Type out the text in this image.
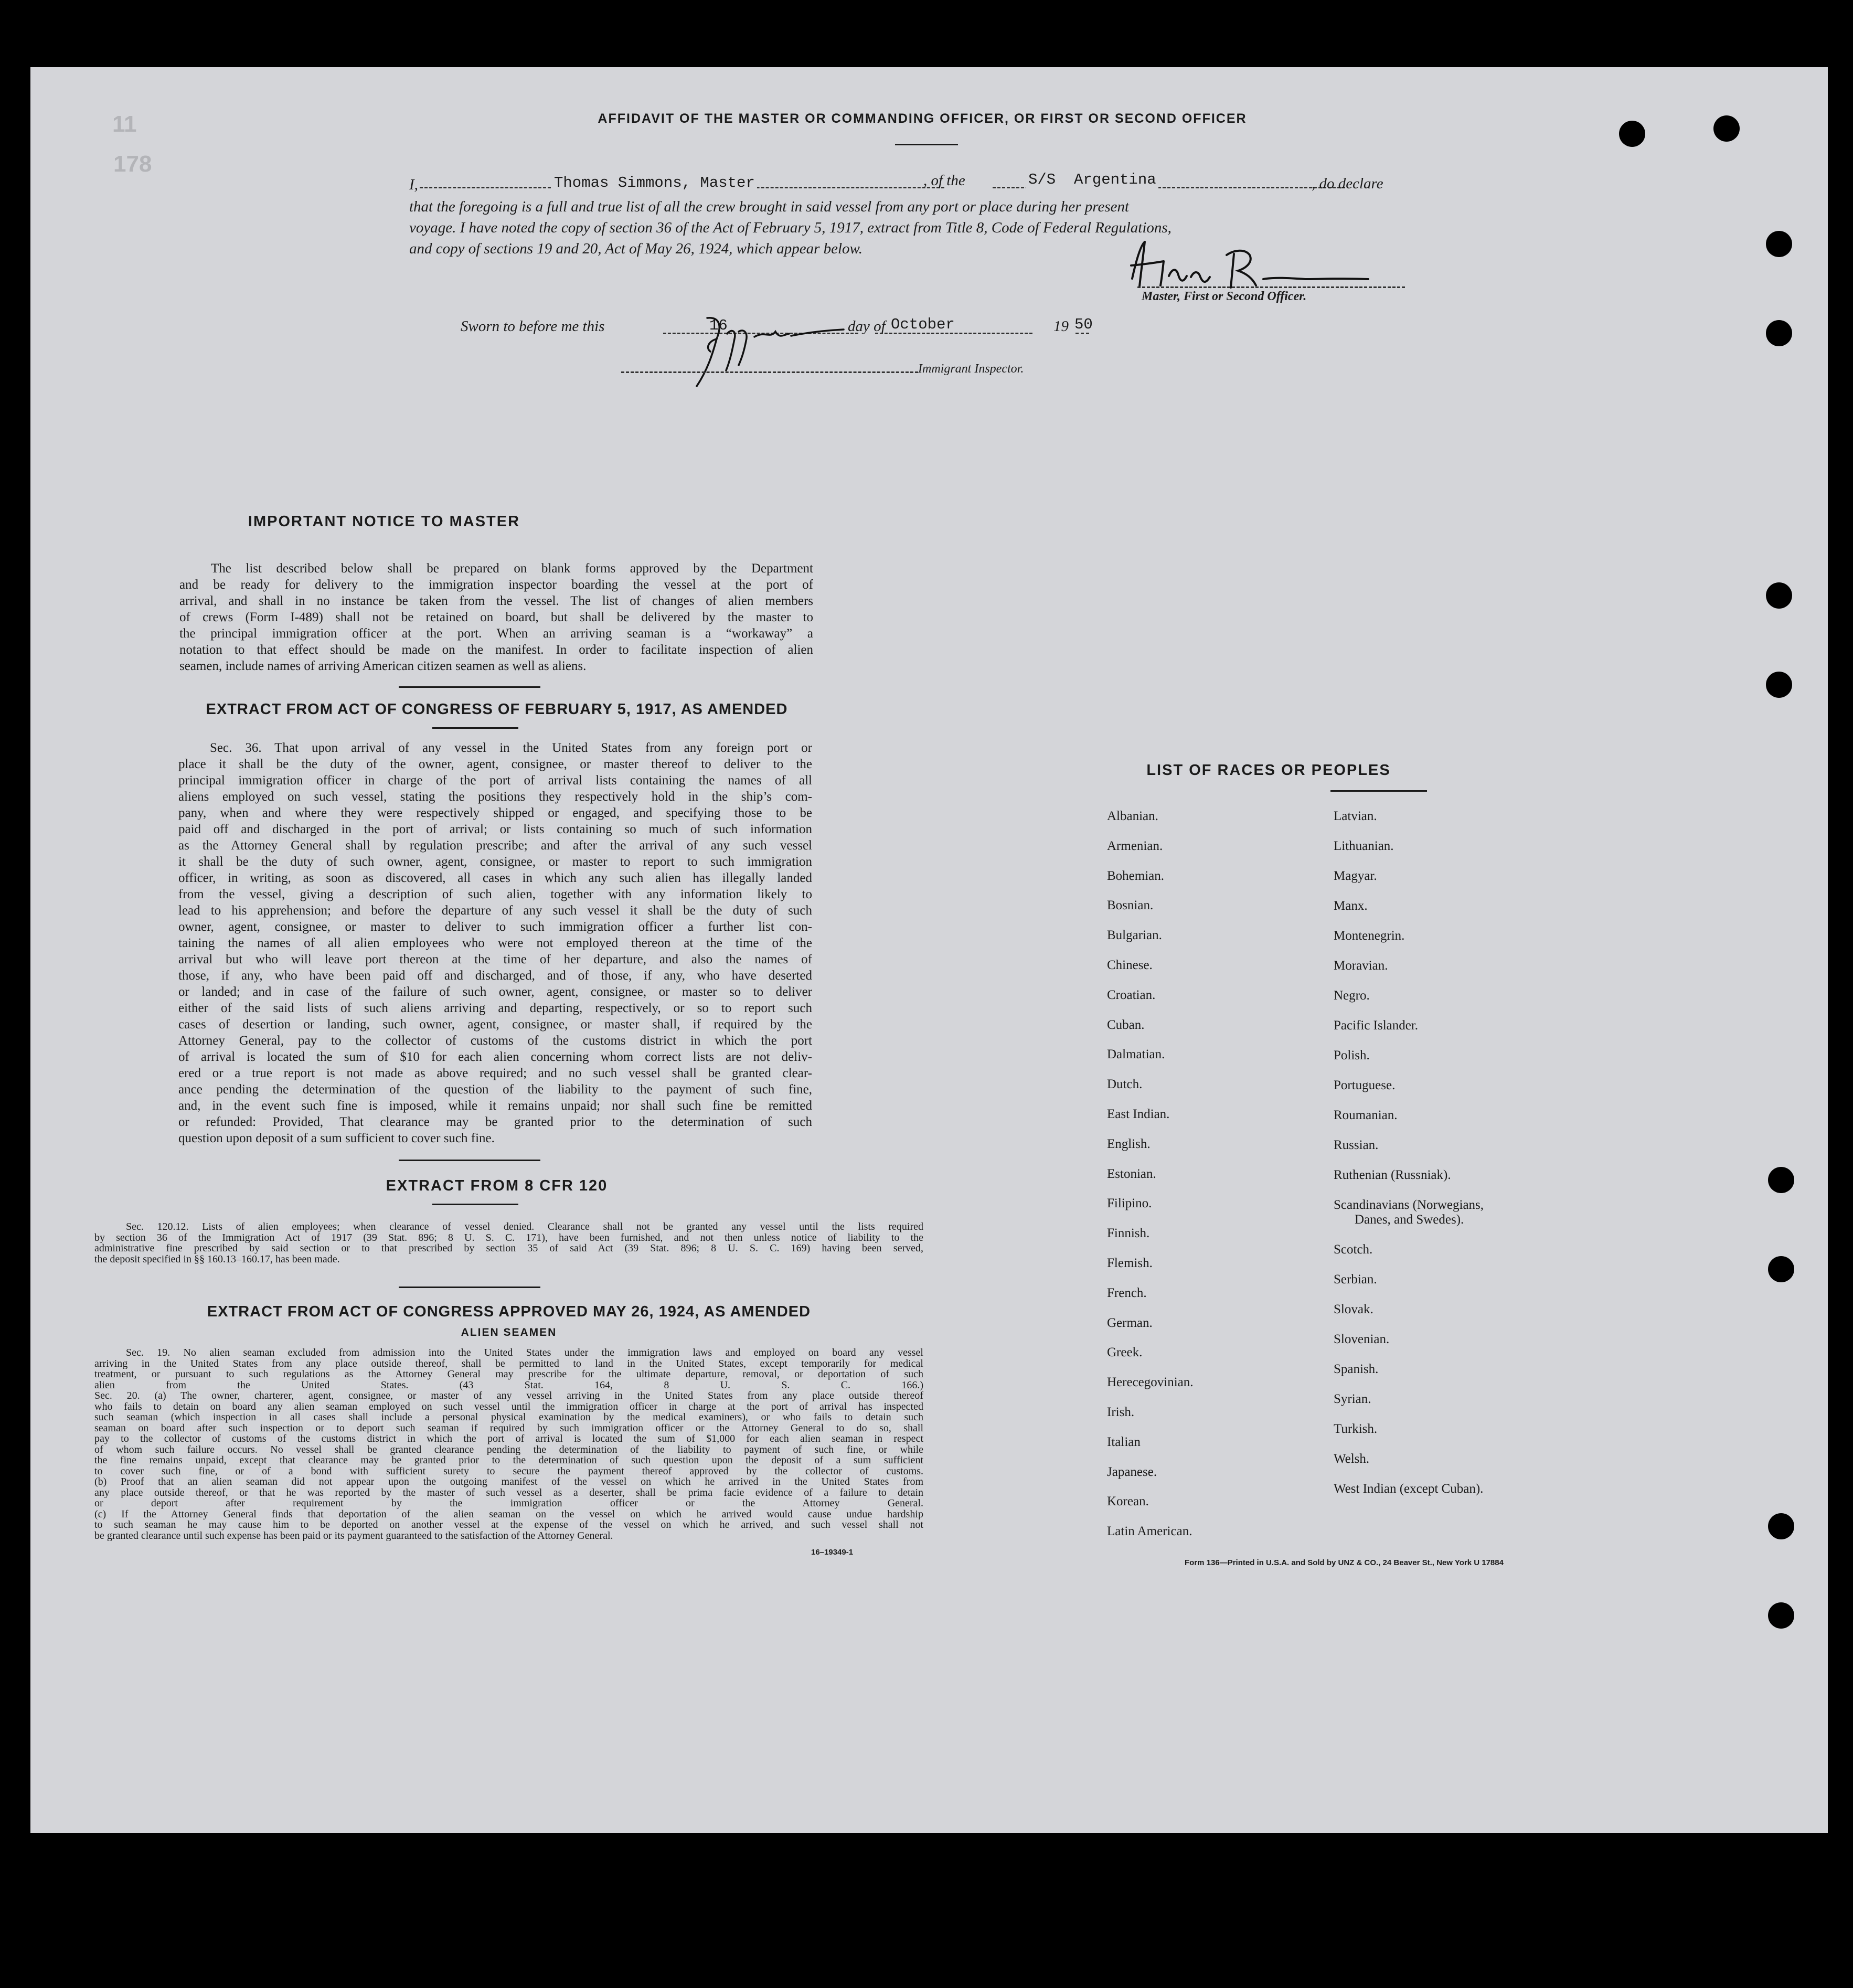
11
178
AFFIDAVIT OF THE MASTER OR COMMANDING OFFICER, OR FIRST OR SECOND OFFICER
I,	Thomas Simmons, Master	, of the	S/S  Argentina	, do declare
that the foregoing is a full and true list of all the crew brought in said vessel from any port or place during her present
voyage. I have noted the copy of section 36 of the Act of February 5, 1917, extract from Title 8, Code of Federal Regulations,
and copy of sections 19 and 20, Act of May 26, 1924, which appear below.
Master, First or Second Officer.
Sworn to before me this	16	day of October	19 50
Immigrant Inspector.
IMPORTANT NOTICE TO MASTER
The list described below shall be prepared on blank forms approved by the Department
and be ready for delivery to the immigration inspector boarding the vessel at the port of
arrival, and shall in no instance be taken from the vessel. The list of changes of alien members
of crews (Form I-489) shall not be retained on board, but shall be delivered by the master to
the principal immigration officer at the port. When an arriving seaman is a “workaway” a
notation to that effect should be made on the manifest. In order to facilitate inspection of alien
seamen, include names of arriving American citizen seamen as well as aliens.
EXTRACT FROM ACT OF CONGRESS OF FEBRUARY 5, 1917, AS AMENDED
Sec. 36. That upon arrival of any vessel in the United States from any foreign port or
place it shall be the duty of the owner, agent, consignee, or master thereof to deliver to the
principal immigration officer in charge of the port of arrival lists containing the names of all
aliens employed on such vessel, stating the positions they respectively hold in the ship’s com-
pany, when and where they were respectively shipped or engaged, and specifying those to be
paid off and discharged in the port of arrival; or lists containing so much of such information
as the Attorney General shall by regulation prescribe; and after the arrival of any such vessel
it shall be the duty of such owner, agent, consignee, or master to report to such immigration
officer, in writing, as soon as discovered, all cases in which any such alien has illegally landed
from the vessel, giving a description of such alien, together with any information likely to
lead to his apprehension; and before the departure of any such vessel it shall be the duty of such
owner, agent, consignee, or master to deliver to such immigration officer a further list con-
taining the names of all alien employees who were not employed thereon at the time of the
arrival but who will leave port thereon at the time of her departure, and also the names of
those, if any, who have been paid off and discharged, and of those, if any, who have deserted
or landed; and in case of the failure of such owner, agent, consignee, or master so to deliver
either of the said lists of such aliens arriving and departing, respectively, or so to report such
cases of desertion or landing, such owner, agent, consignee, or master shall, if required by the
Attorney General, pay to the collector of customs of the customs district in which the port
of arrival is located the sum of $10 for each alien concerning whom correct lists are not deliv-
ered or a true report is not made as above required; and no such vessel shall be granted clear-
ance pending the determination of the question of the liability to the payment of such fine,
and, in the event such fine is imposed, while it remains unpaid; nor shall such fine be remitted
or refunded: Provided, That clearance may be granted prior to the determination of such
question upon deposit of a sum sufficient to cover such fine.
EXTRACT FROM 8 CFR 120
Sec. 120.12. Lists of alien employees; when clearance of vessel denied. Clearance shall not be granted any vessel until the lists required
by section 36 of the Immigration Act of 1917 (39 Stat. 896; 8 U. S. C. 171), have been furnished, and not then unless notice of liability to the
administrative fine prescribed by said section or to that prescribed by section 35 of said Act (39 Stat. 896; 8 U. S. C. 169) having been served,
the deposit specified in §§ 160.13–160.17, has been made.
EXTRACT FROM ACT OF CONGRESS APPROVED MAY 26, 1924, AS AMENDED
ALIEN SEAMEN
Sec. 19. No alien seaman excluded from admission into the United States under the immigration laws and employed on board any vessel
arriving in the United States from any place outside thereof, shall be permitted to land in the United States, except temporarily for medical
treatment, or pursuant to such regulations as the Attorney General may prescribe for the ultimate departure, removal, or deportation of such
alien from the United States. (43 Stat. 164, 8 U. S. C. 166.)
Sec. 20. (a) The owner, charterer, agent, consignee, or master of any vessel arriving in the United States from any place outside thereof
who fails to detain on board any alien seaman employed on such vessel until the immigration officer in charge at the port of arrival has inspected
such seaman (which inspection in all cases shall include a personal physical examination by the medical examiners), or who fails to detain such
seaman on board after such inspection or to deport such seaman if required by such immigration officer or the Attorney General to do so, shall
pay to the collector of customs of the customs district in which the port of arrival is located the sum of $1,000 for each alien seaman in respect
of whom such failure occurs. No vessel shall be granted clearance pending the determination of the liability to payment of such fine, or while
the fine remains unpaid, except that clearance may be granted prior to the determination of such question upon the deposit of a sum sufficient
to cover such fine, or of a bond with sufficient surety to secure the payment thereof approved by the collector of customs.
(b) Proof that an alien seaman did not appear upon the outgoing manifest of the vessel on which he arrived in the United States from
any place outside thereof, or that he was reported by the master of such vessel as a deserter, shall be prima facie evidence of a failure to detain
or deport after requirement by the immigration officer or the Attorney General.
(c) If the Attorney General finds that deportation of the alien seaman on the vessel on which he arrived would cause undue hardship
to such seaman he may cause him to be deported on another vessel at the expense of the vessel on which he arrived, and such vessel shall not
be granted clearance until such expense has been paid or its payment guaranteed to the satisfaction of the Attorney General.
16–19349-1
LIST OF RACES OR PEOPLES
Albanian.
Armenian.
Bohemian.
Bosnian.
Bulgarian.
Chinese.
Croatian.
Cuban.
Dalmatian.
Dutch.
East Indian.
English.
Estonian.
Filipino.
Finnish.
Flemish.
French.
German.
Greek.
Herecegovinian.
Irish.
Italian
Japanese.
Korean.
Latin American.
Latvian.
Lithuanian.
Magyar.
Manx.
Montenegrin.
Moravian.
Negro.
Pacific Islander.
Polish.
Portuguese.
Roumanian.
Russian.
Ruthenian (Russniak).
Scandinavians (Norwegians,
Danes, and Swedes).
Scotch.
Serbian.
Slovak.
Slovenian.
Spanish.
Syrian.
Turkish.
Welsh.
West Indian (except Cuban).
Form 136—Printed in U.S.A. and Sold by UNZ & CO., 24 Beaver St., New York U 17884
